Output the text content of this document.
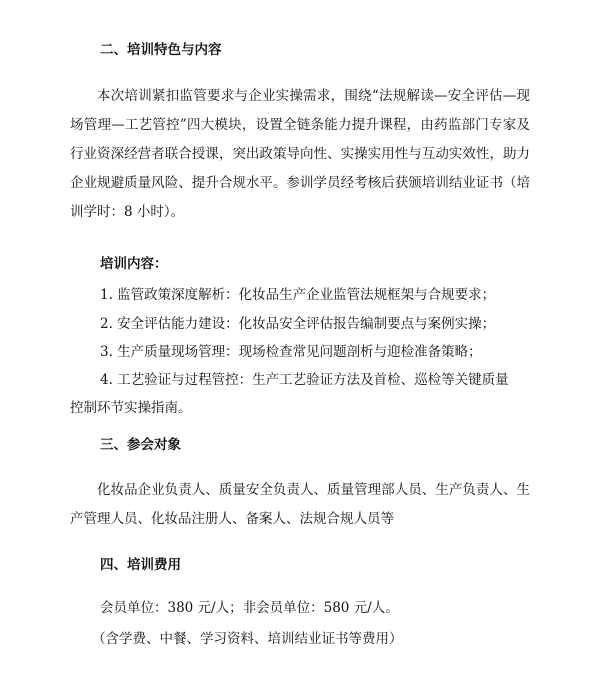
二、培训特色与内容

本次培训紧扣监管要求与企业实操需求，围绕“法规解读—安全评估—现场管理—工艺管控”四大模块，设置全链条能力提升课程，由药监部门专家及行业资深经营者联合授课，突出政策导向性、实操实用性与互动实效性，助力企业规避质量风险、提升合规水平。参训学员经考核后获颁培训结业证书（培训学时：8 小时）。

培训内容：
1. 监管政策深度解析：化妆品生产企业监管法规框架与合规要求；
2. 安全评估能力建设：化妆品安全评估报告编制要点与案例实操；
3. 生产质量现场管理：现场检查常见问题剖析与迎检准备策略；
4. 工艺验证与过程管控：生产工艺验证方法及首检、巡检等关键质量
控制环节实操指南。
三、参会对象

化妆品企业负责人、质量安全负责人、质量管理部人员、生产负责人、生产管理人员、化妆品注册人、备案人、法规合规人员等

四、培训费用
会员单位：380 元/人；非会员单位：580 元/人。
（含学费、中餐、学习资料、培训结业证书等费用）
